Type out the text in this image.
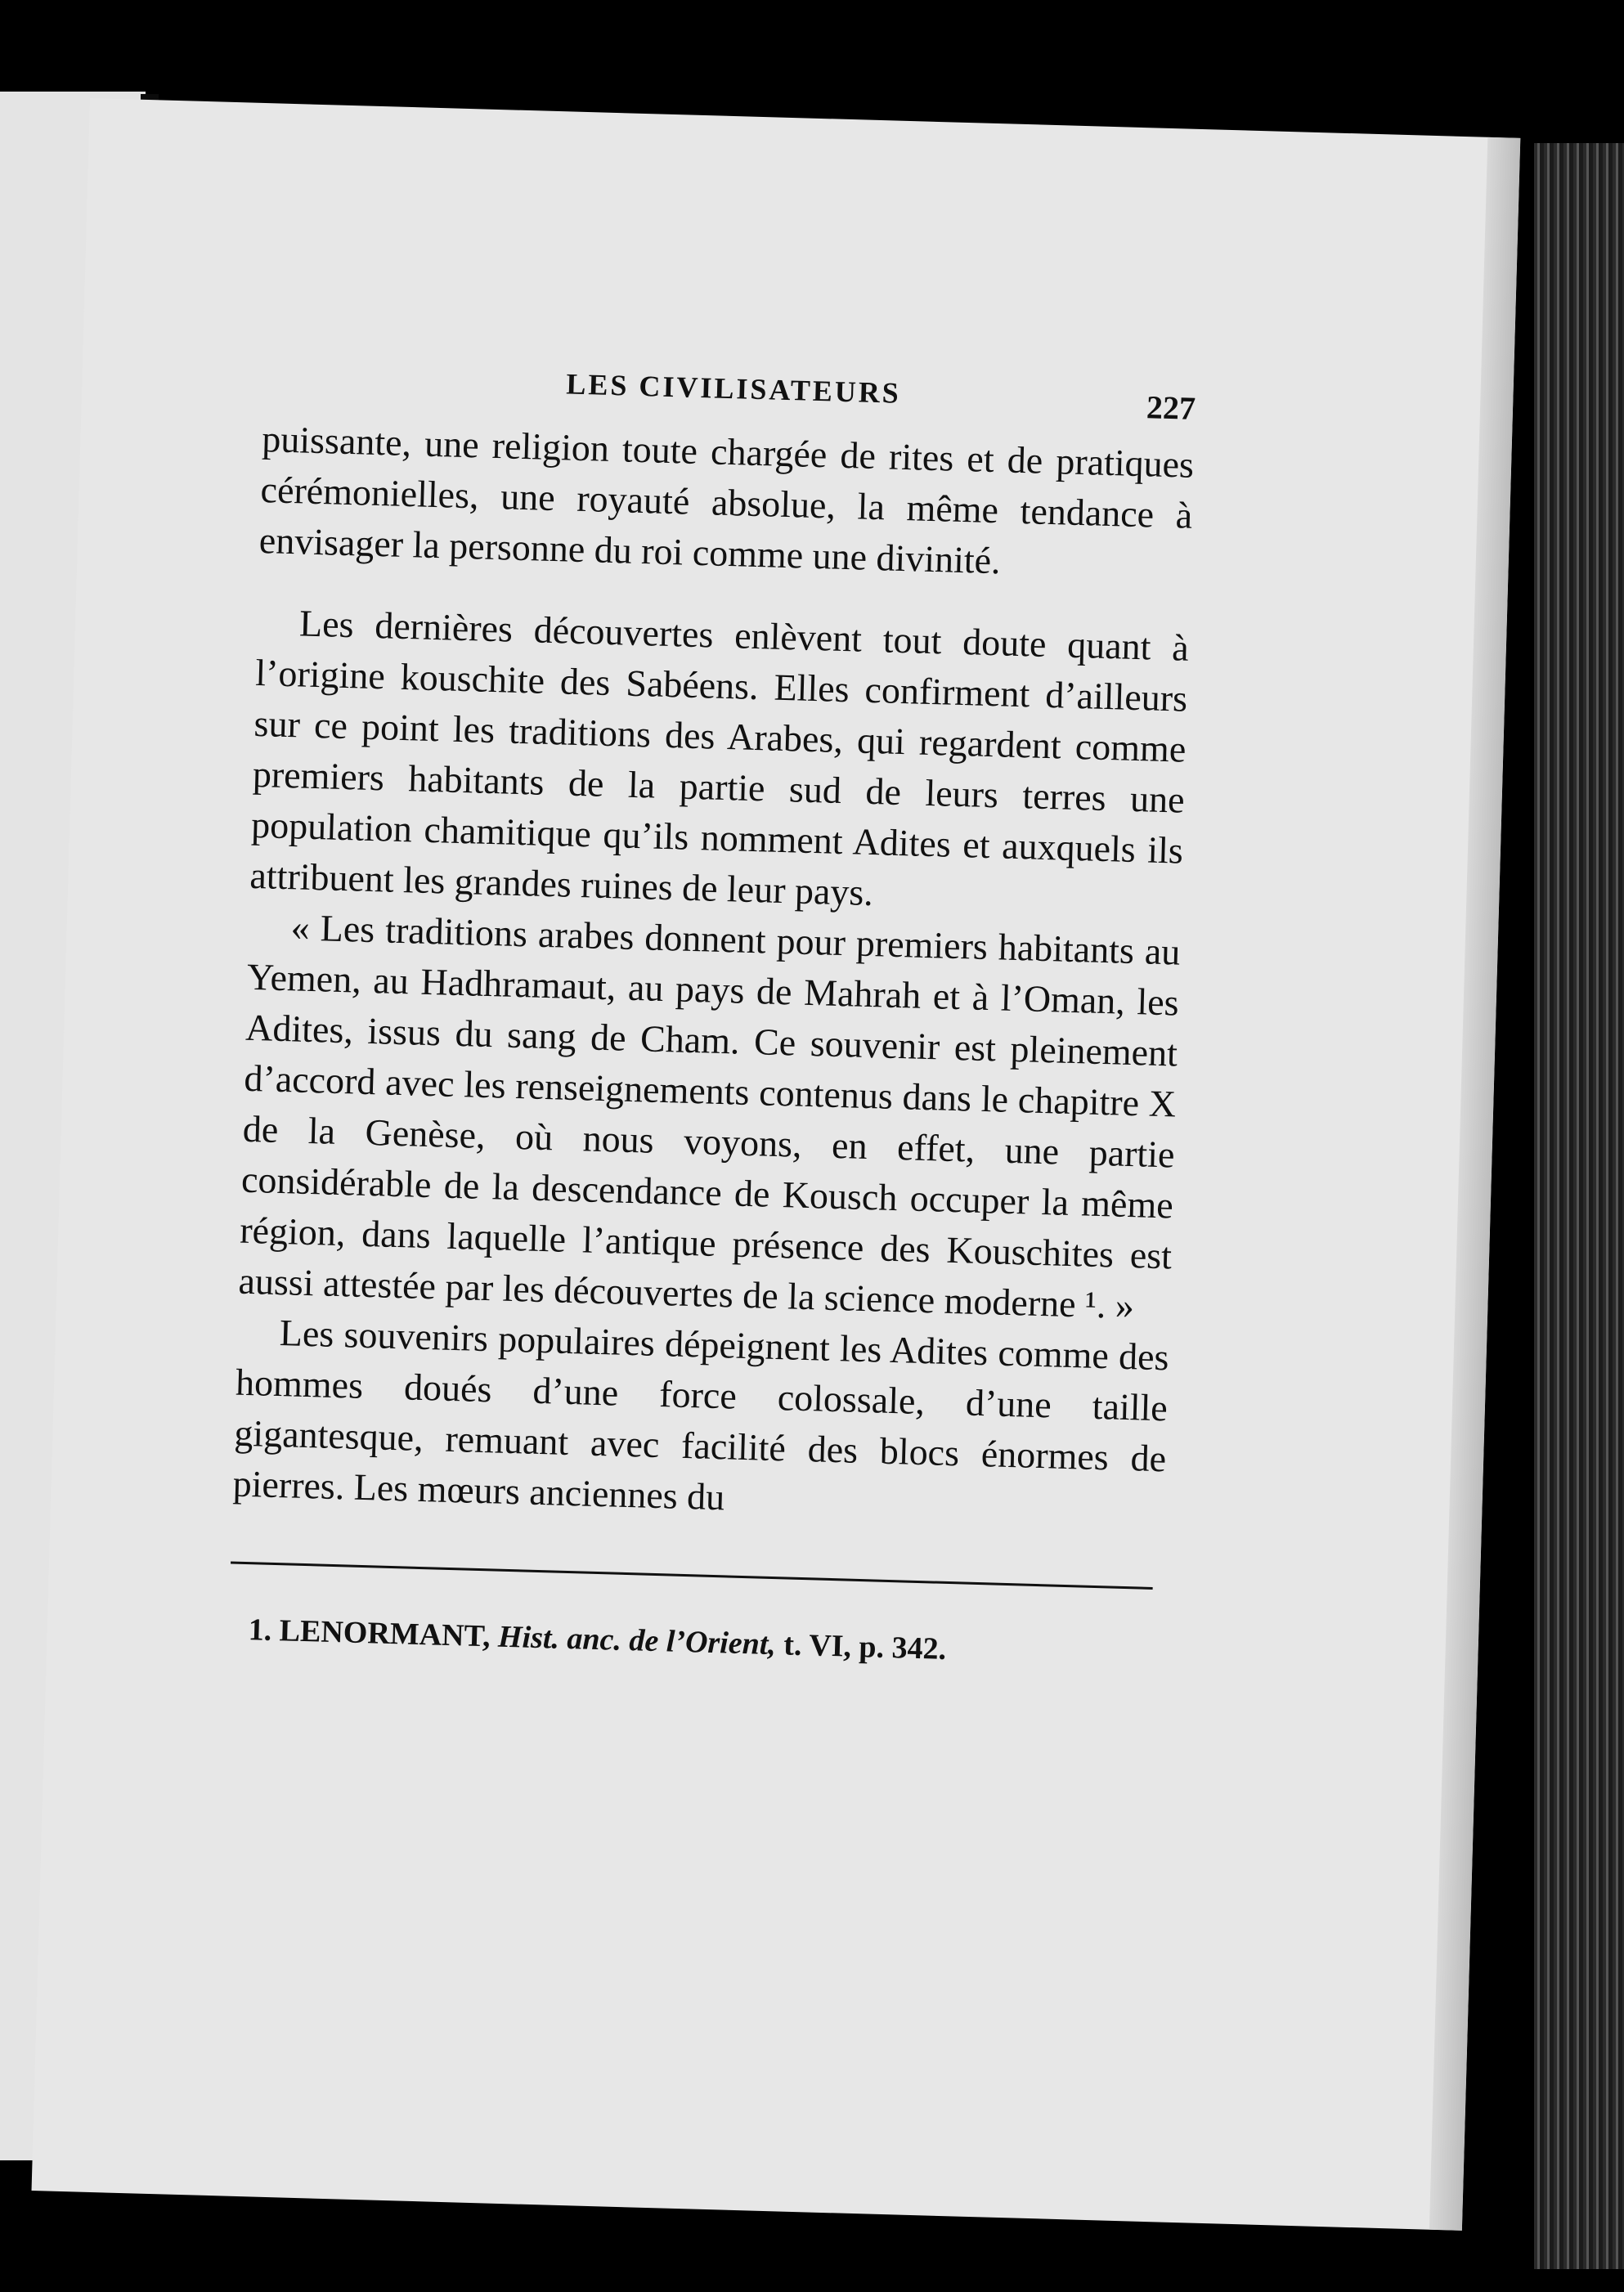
LES CIVILISATEURS	227

puissante, une religion toute chargée de rites et de pratiques cérémonielles, une royauté absolue, la même tendance à envisager la personne du roi comme une divinité.

Les dernières découvertes enlèvent tout doute quant à l’origine kouschite des Sabéens. Elles confirment d’ailleurs sur ce point les traditions des Arabes, qui regardent comme premiers habitants de la partie sud de leurs terres une population chamitique qu’ils nomment Adites et auxquels ils attribuent les grandes ruines de leur pays.

« Les traditions arabes donnent pour premiers habitants au Yemen, au Hadhramaut, au pays de Mahrah et à l’Oman, les Adites, issus du sang de Cham. Ce souvenir est pleinement d’accord avec les renseignements contenus dans le chapitre X de la Genèse, où nous voyons, en effet, une partie considérable de la descendance de Kousch occuper la même région, dans laquelle l’antique présence des Kouschites est aussi attestée par les découvertes de la science moderne ¹. »

Les souvenirs populaires dépeignent les Adites comme des hommes doués d’une force colossale, d’une taille gigantesque, remuant avec facilité des blocs énormes de pierres. Les mœurs anciennes du

1. LENORMANT, Hist. anc. de l’Orient, t. VI, p. 342.
